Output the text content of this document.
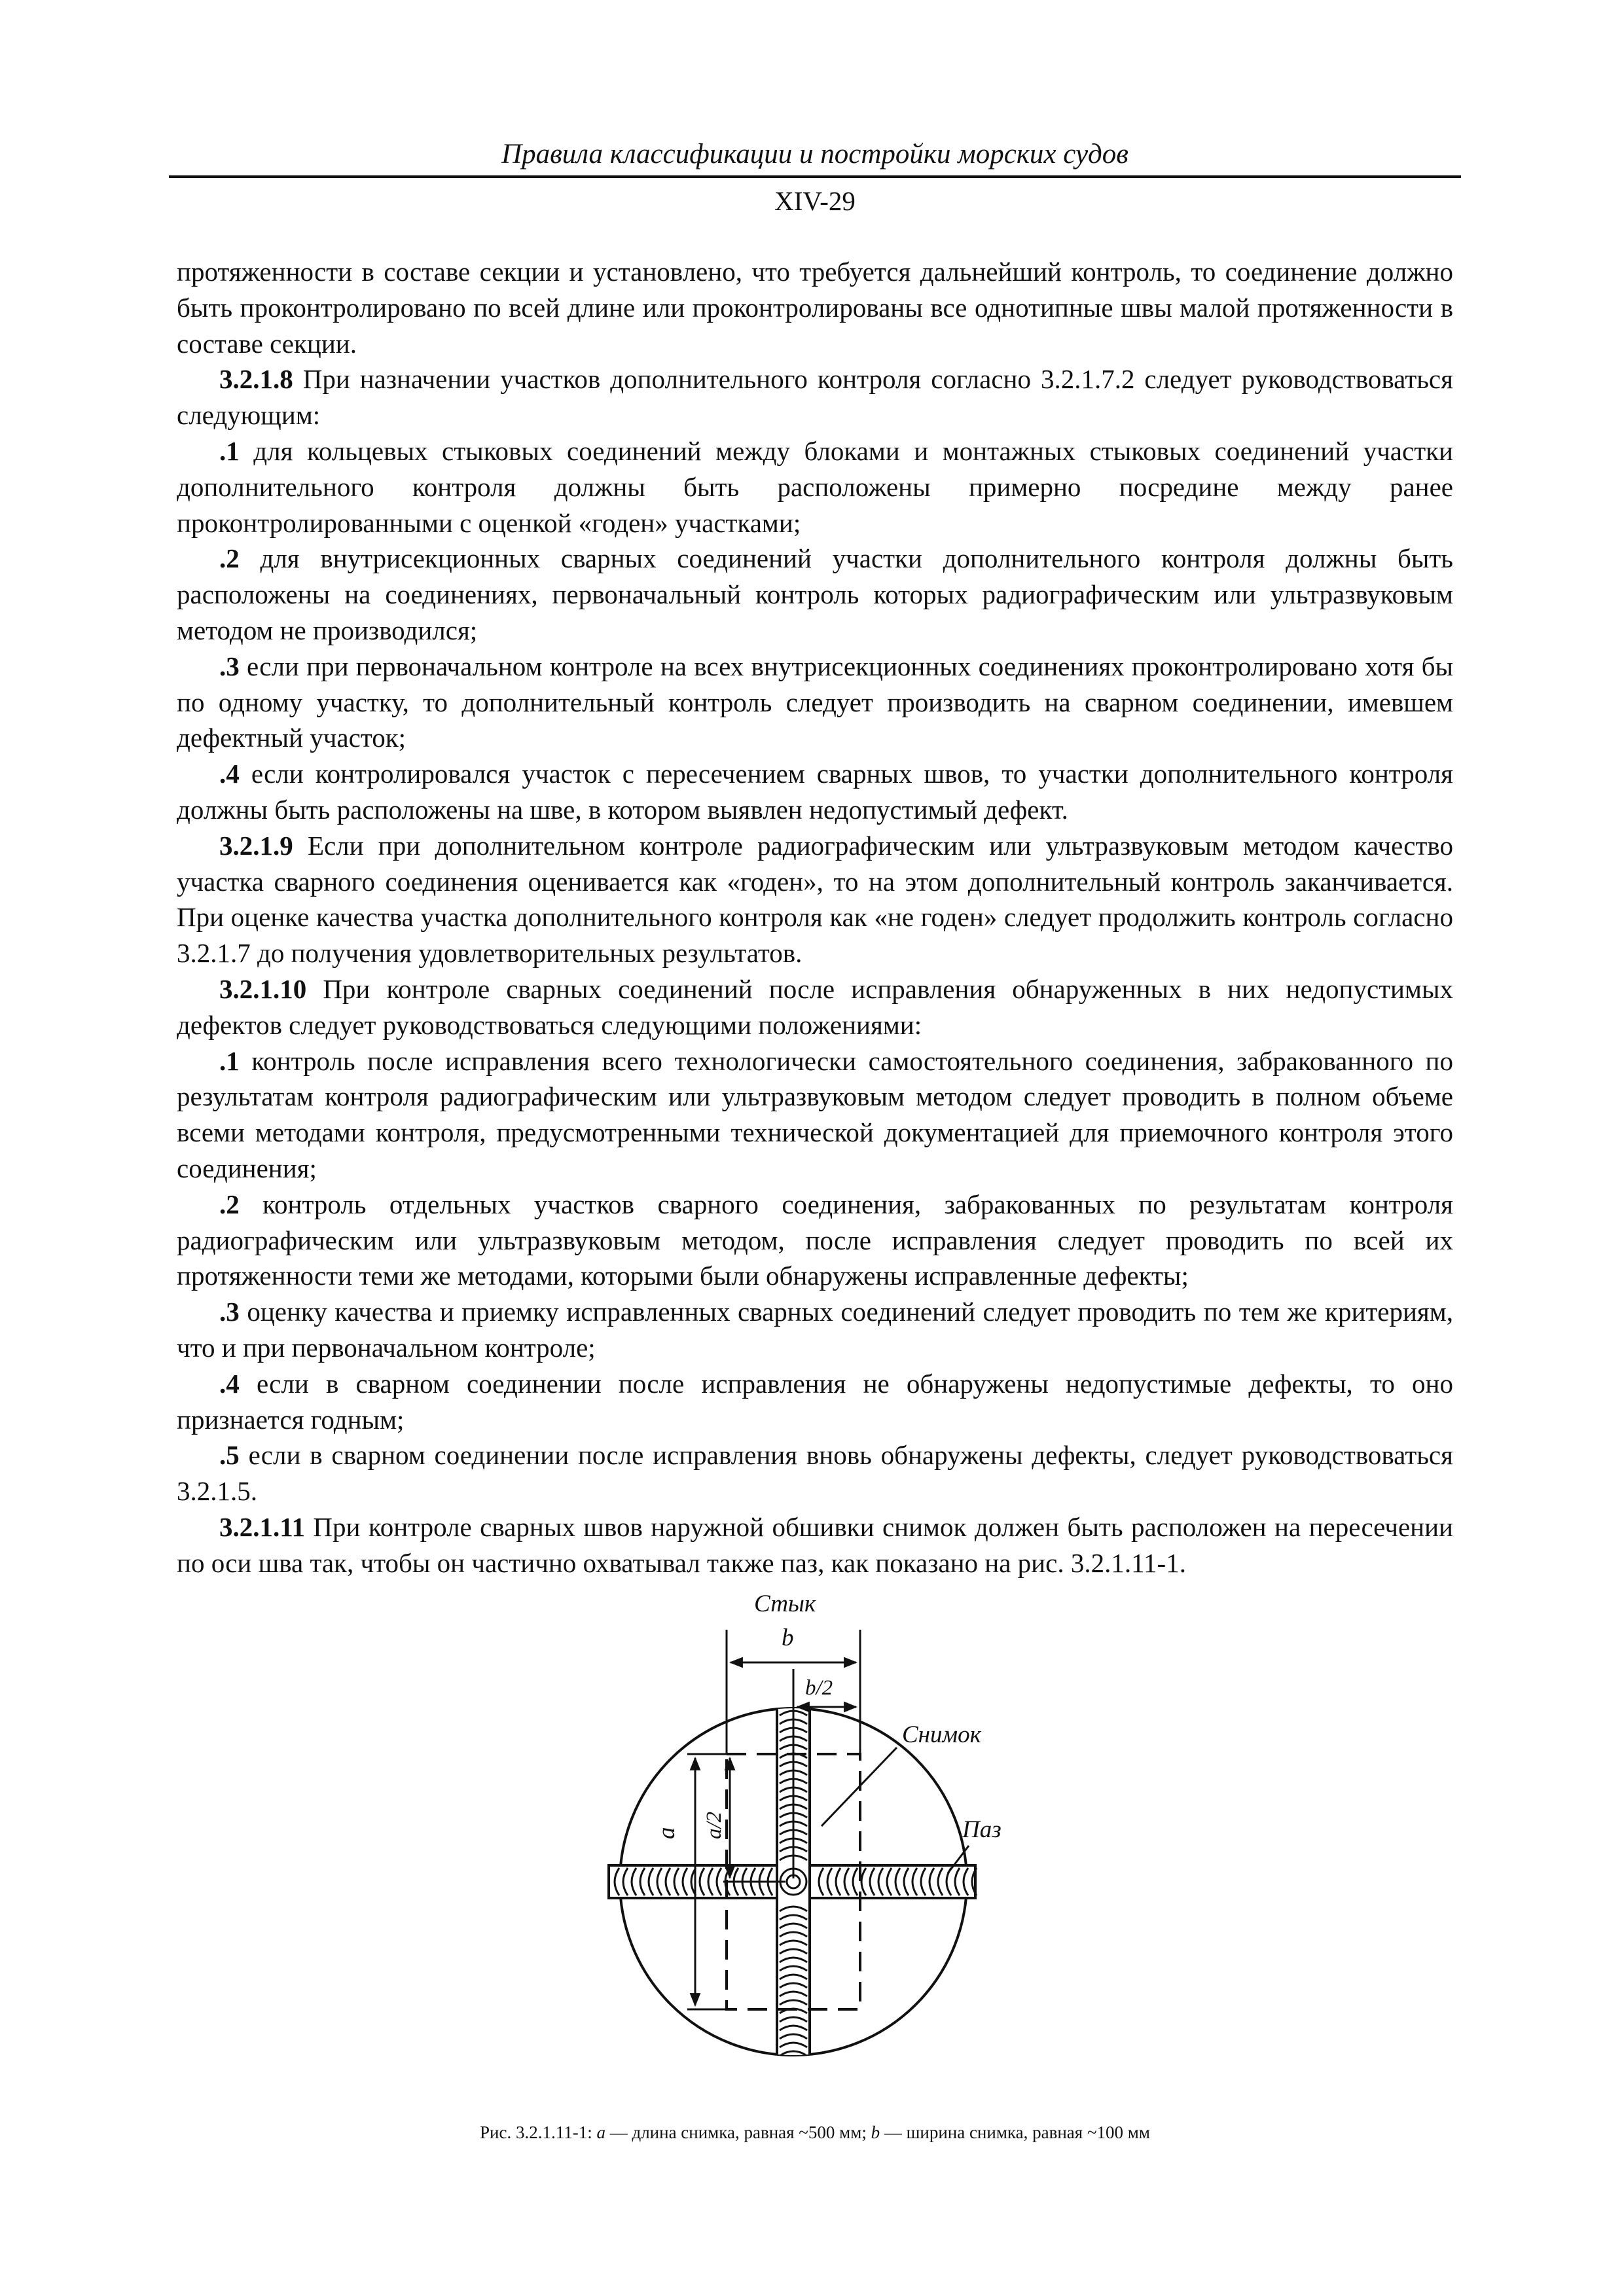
Правила классификации и постройки морских судов
XIV-29

протяженности в составе секции и установлено, что требуется дальнейший контроль, то соединение должно быть проконтролировано по всей длине или проконтролированы все однотипные швы малой протяженности в составе секции.

3.2.1.8 При назначении участков дополнительного контроля согласно 3.2.1.7.2 следует руководствоваться следующим:

.1 для кольцевых стыковых соединений между блоками и монтажных стыковых соединений участки дополнительного контроля должны быть расположены примерно посредине между ранее проконтролированными с оценкой «годен» участками;

.2 для внутрисекционных сварных соединений участки дополнительного контроля должны быть расположены на соединениях, первоначальный контроль которых радиографическим или ультразвуковым методом не производился;

.3 если при первоначальном контроле на всех внутрисекционных соединениях проконтролировано хотя бы по одному участку, то дополнительный контроль следует производить на сварном соединении, имевшем дефектный участок;

.4 если контролировался участок с пересечением сварных швов, то участки дополнительного контроля должны быть расположены на шве, в котором выявлен недопустимый дефект.

3.2.1.9 Если при дополнительном контроле радиографическим или ультразвуковым методом качество участка сварного соединения оценивается как «годен», то на этом дополнительный контроль заканчивается. При оценке качества участка дополнительного контроля как «не годен» следует продолжить контроль согласно 3.2.1.7 до получения удовлетворительных результатов.

3.2.1.10 При контроле сварных соединений после исправления обнаруженных в них недопустимых дефектов следует руководствоваться следующими положениями:

.1 контроль после исправления всего технологически самостоятельного соединения, забракованного по результатам контроля радиографическим или ультразвуковым методом следует проводить в полном объеме всеми методами контроля, предусмотренными технической документацией для приемочного контроля этого соединения;

.2 контроль отдельных участков сварного соединения, забракованных по результатам контроля радиографическим или ультразвуковым методом, после исправления следует проводить по всей их протяженности теми же методами, которыми были обнаружены исправленные дефекты;

.3 оценку качества и приемку исправленных сварных соединений следует проводить по тем же критериям, что и при первоначальном контроле;

.4 если в сварном соединении после исправления не обнаружены недопустимые дефекты, то оно признается годным;

.5 если в сварном соединении после исправления вновь обнаружены дефекты, следует руководствоваться 3.2.1.5.

3.2.1.11 При контроле сварных швов наружной обшивки снимок должен быть расположен на пересечении по оси шва так, чтобы он частично охватывал также паз, как показано на рис. 3.2.1.11-1.

Стык
b
b/2
Снимок
a a/2	Паз
Рис. 3.2.1.11-1: a — длина снимка, равная ~500 мм; b — ширина снимка, равная ~100 мм
